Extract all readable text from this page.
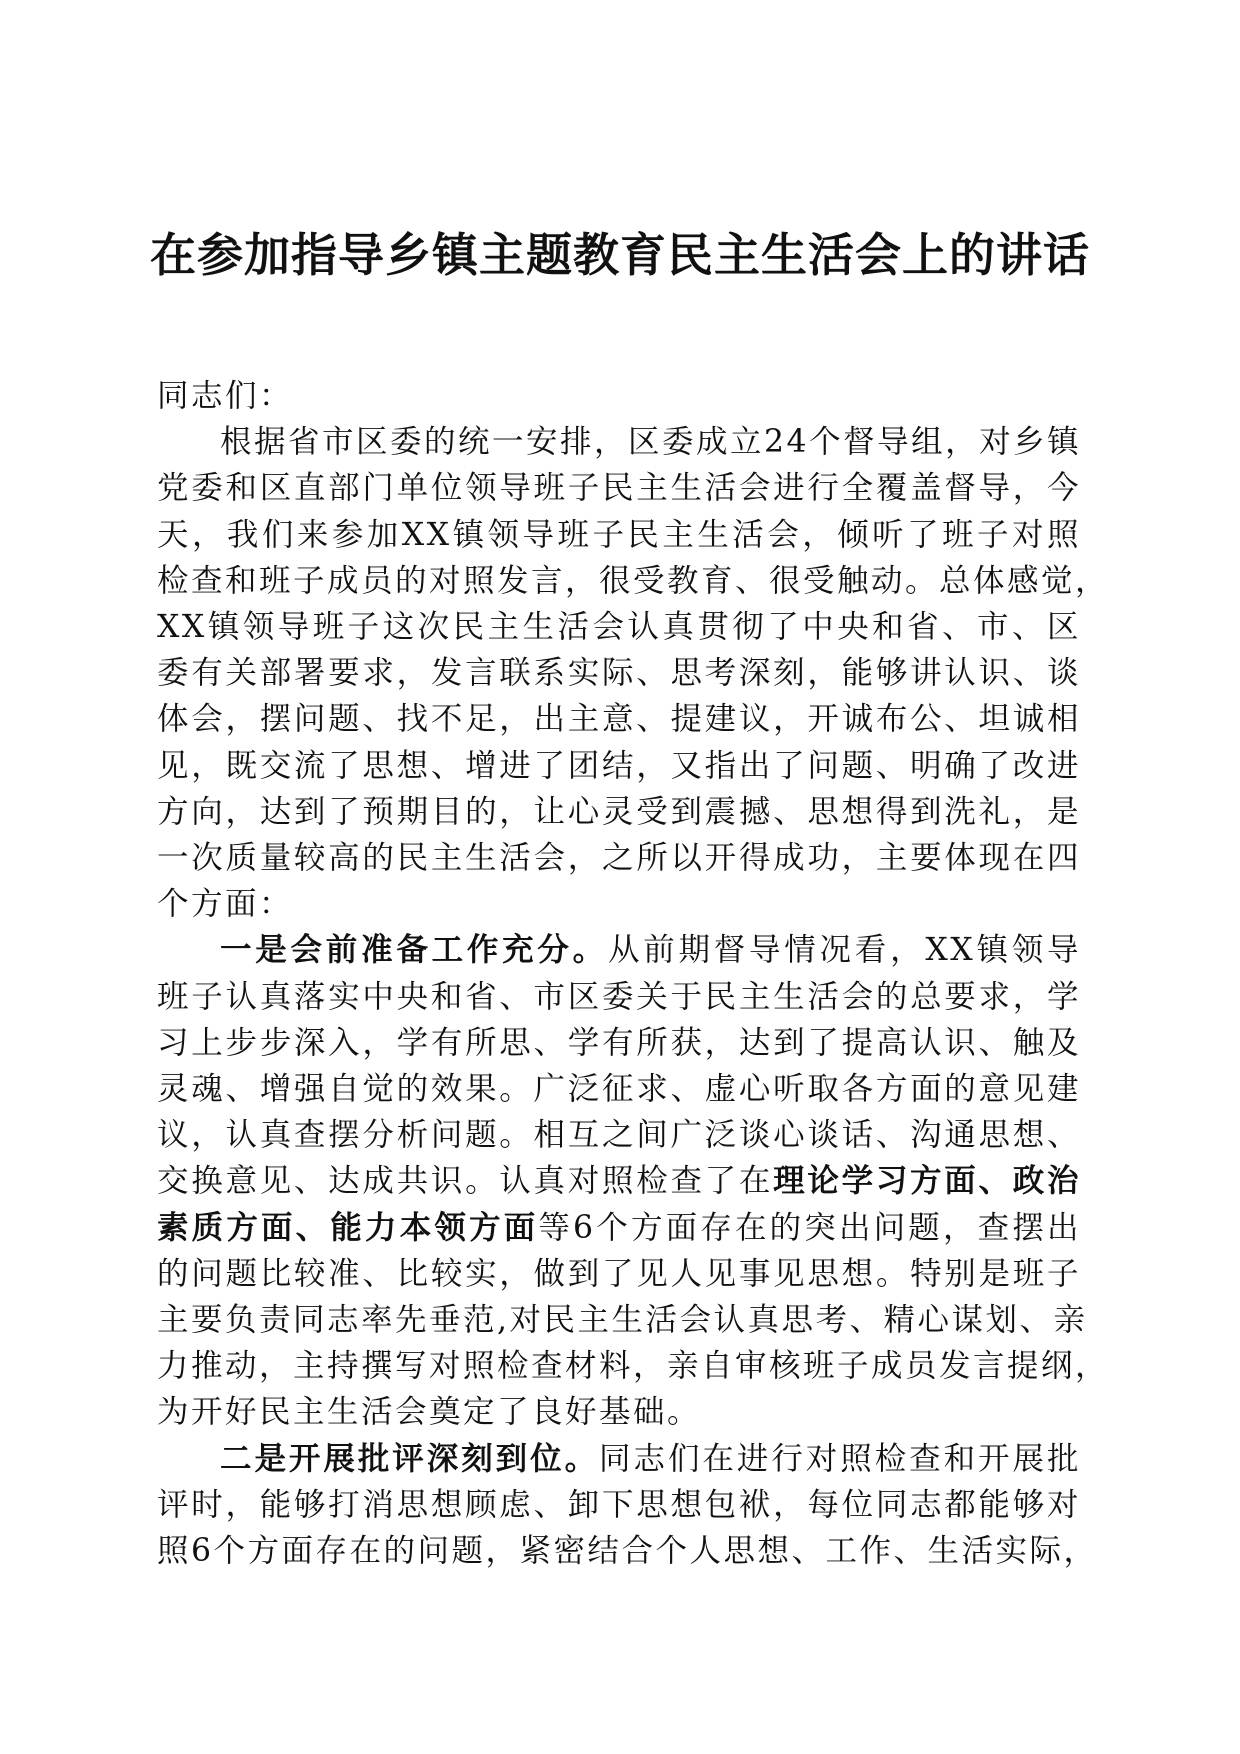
在参加指导乡镇主题教育民主生活会上的讲话

同志们：

根据省市区委的统一安排，区委成立24个督导组，对乡镇
党委和区直部门单位领导班子民主生活会进行全覆盖督导，今
天，我们来参加XX镇领导班子民主生活会，倾听了班子对照
检查和班子成员的对照发言，很受教育、很受触动。总体感觉，
XX镇领导班子这次民主生活会认真贯彻了中央和省、市、区
委有关部署要求，发言联系实际、思考深刻，能够讲认识、谈
体会，摆问题、找不足，出主意、提建议，开诚布公、坦诚相
见，既交流了思想、增进了团结，又指出了问题、明确了改进
方向，达到了预期目的，让心灵受到震撼、思想得到洗礼，是
一次质量较高的民主生活会，之所以开得成功，主要体现在四
个方面：

一是会前准备工作充分。从前期督导情况看，XX镇领导
班子认真落实中央和省、市区委关于民主生活会的总要求，学
习上步步深入，学有所思、学有所获，达到了提高认识、触及
灵魂、增强自觉的效果。广泛征求、虚心听取各方面的意见建
议，认真查摆分析问题。相互之间广泛谈心谈话、沟通思想、
交换意见、达成共识。认真对照检查了在理论学习方面、政治
素质方面、能力本领方面等6个方面存在的突出问题，查摆出
的问题比较准、比较实，做到了见人见事见思想。特别是班子
主要负责同志率先垂范,对民主生活会认真思考、精心谋划、亲
力推动，主持撰写对照检查材料，亲自审核班子成员发言提纲，
为开好民主生活会奠定了良好基础。

二是开展批评深刻到位。同志们在进行对照检查和开展批
评时，能够打消思想顾虑、卸下思想包袱，每位同志都能够对
照6个方面存在的问题，紧密结合个人思想、工作、生活实际，
